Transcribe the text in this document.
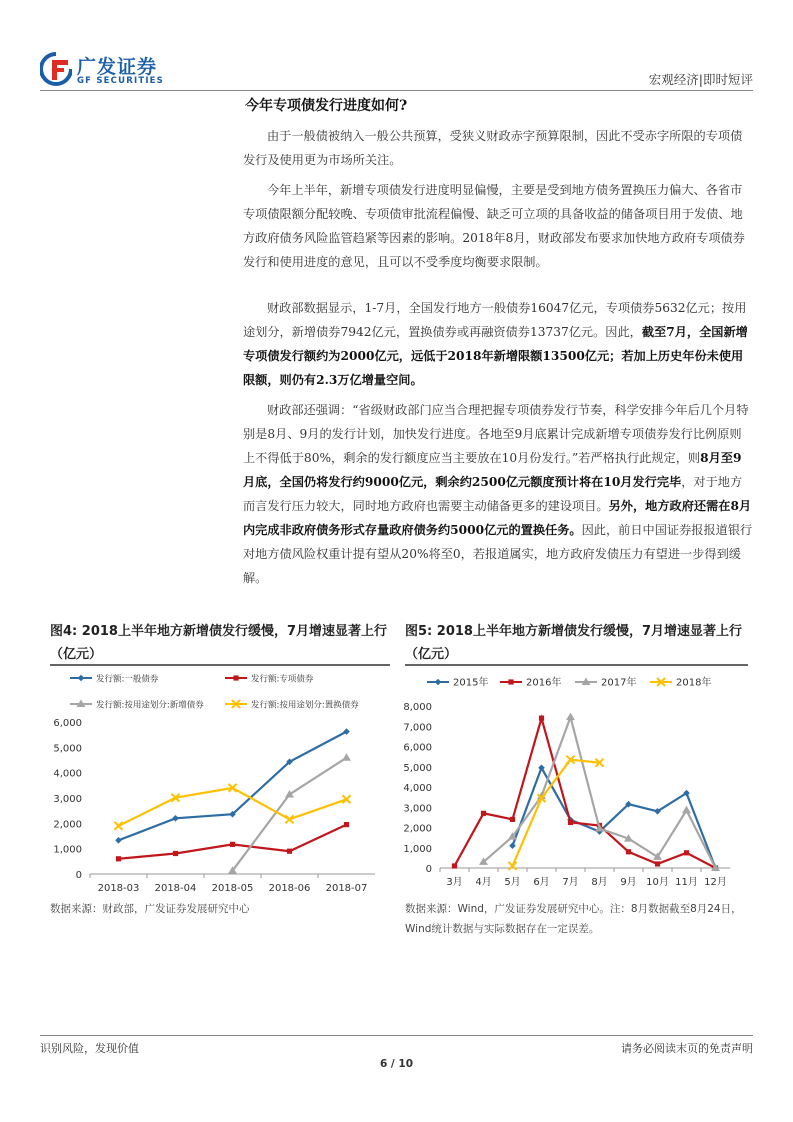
广发证券
GF SECURITIES	宏观经济|即时短评
今年专项债发行进度如何?

由于一般债被纳入一般公共预算，受狭义财政赤字预算限制，因此不受赤字所限的专项债发行及使用更为市场所关注。

今年上半年，新增专项债发行进度明显偏慢，主要是受到地方债务置换压力偏大、各省市专项债限额分配较晚、专项债审批流程偏慢、缺乏可立项的具备收益的储备项目用于发债、地方政府债务风险监管趋紧等因素的影响。2018年8月，财政部发布要求加快地方政府专项债券发行和使用进度的意见，且可以不受季度均衡要求限制。

财政部数据显示，1-7月，全国发行地方一般债券16047亿元，专项债券5632亿元；按用途划分，新增债券7942亿元，置换债券或再融资债券13737亿元。因此，截至7月，全国新增专项债发行额约为2000亿元，远低于2018年新增限额13500亿元；若加上历史年份未使用限额，则仍有2.3万亿增量空间。

财政部还强调：“省级财政部门应当合理把握专项债券发行节奏，科学安排今年后几个月特别是8月、9月的发行计划，加快发行进度。各地至9月底累计完成新增专项债券发行比例原则上不得低于80%，剩余的发行额度应当主要放在10月份发行。”若严格执行此规定，则8月至9月底，全国仍将发行约9000亿元，剩余约2500亿元额度预计将在10月发行完毕，对于地方而言发行压力较大，同时地方政府也需要主动储备更多的建设项目。另外，地方政府还需在8月内完成非政府债务形式存量政府债务约5000亿元的置换任务。因此，前日中国证券报报道银行对地方债风险权重计提有望从20%将至0，若报道属实，地方政府发债压力有望进一步得到缓解。

图4: 2018上半年地方新增债发行缓慢，7月增速显著上行（亿元）
6,000
5,000
4,000
3,000
2,000
1,000
0
2018-03 2018-04 2018-05 2018-06 2018-07
发行额:一般债券	发行额:专项债券
发行额:按用途划分:新增债券	发行额:按用途划分:置换债券
数据来源：财政部，广发证券发展研究中心
图5: 2018上半年地方新增债发行缓慢，7月增速显著上行（亿元）
8,000
7,000
6,000
5,000
4,000
3,000
2,000
1,000
0
3月 4月 5月 6月 7月 8月 9月 10月 11月 12月
2015年	2016年	2017年	2018年
数据来源：Wind，广发证券发展研究中心。注：8月数据截至8月24日，Wind统计数据与实际数据存在一定误差。
识别风险，发现价值
6 / 10
请务必阅读末页的免责声明
